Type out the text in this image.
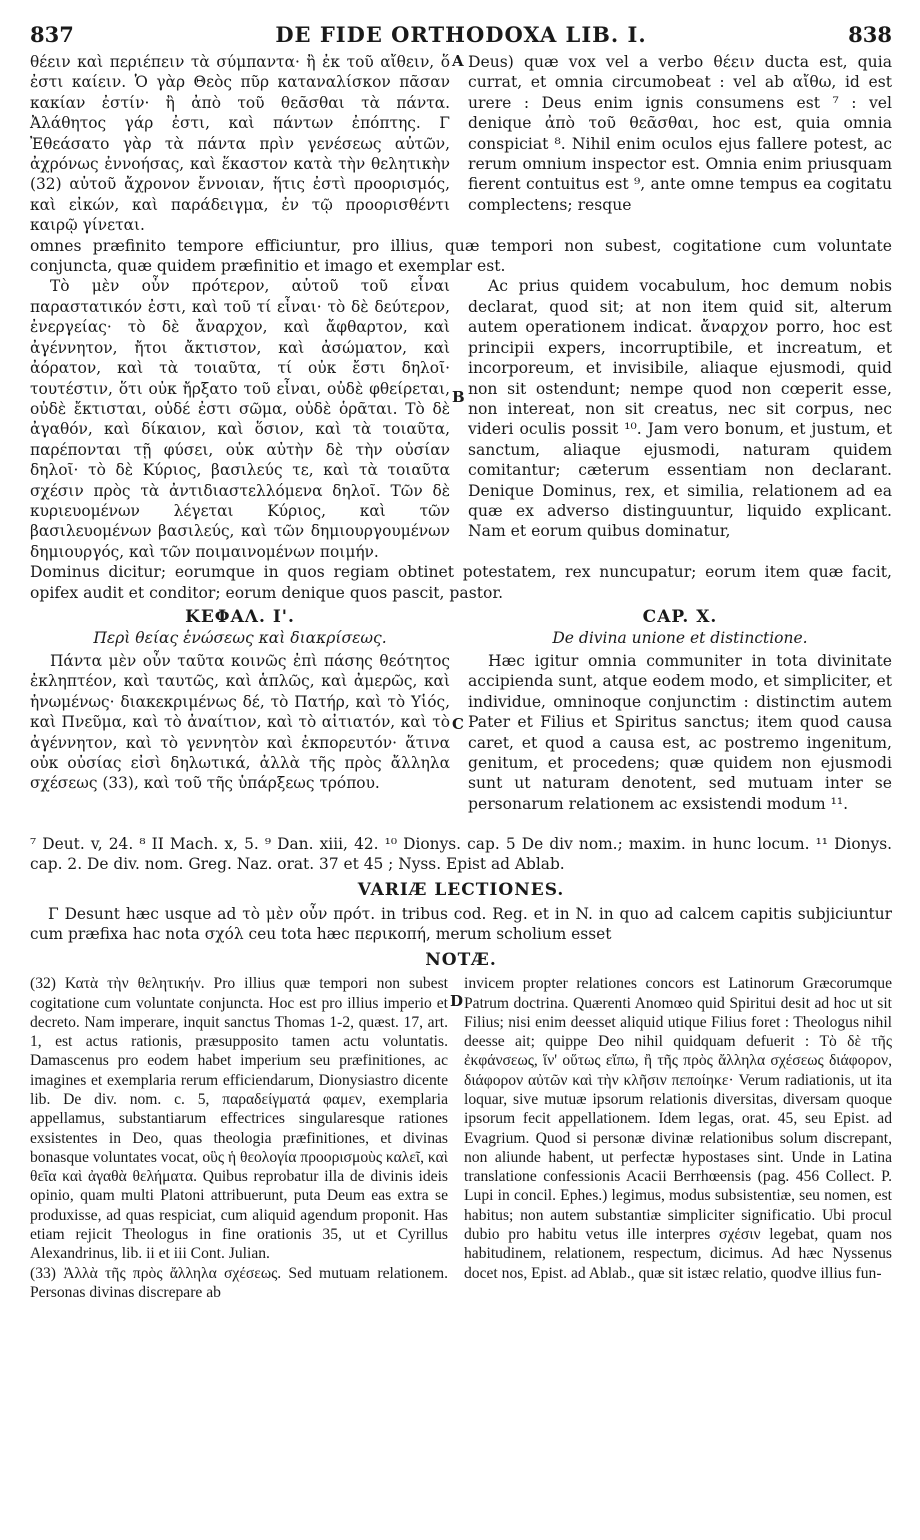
837	DE FIDE ORTHODOXA LIB. I.	838
θέειν καὶ περιέπειν τὰ σύμπαντα· ἢ ἐκ τοῦ αἴθειν, ὅ ἐστι καίειν. Ὁ γὰρ Θεὸς πῦρ καταναλίσκον πᾶσαν κακίαν ἐστίν· ἢ ἀπὸ τοῦ θεᾶσθαι τὰ πάντα. Ἀλάθητος γάρ ἐστι, καὶ πάντων ἐπόπτης. Γ Ἐθεάσατο γὰρ τὰ πάντα πρὶν γενέσεως αὐτῶν, ἀχρόνως ἐννοήσας, καὶ ἕκαστον κατὰ τὴν θελητικὴν (32) αὐτοῦ ἄχρονον ἔννοιαν, ἥτις ἐστὶ προορισμός, καὶ εἰκών, καὶ παράδειγμα, ἐν τῷ προορισθέντι καιρῷ γίνεται.
A Deus) quæ vox vel a verbo θέειν ducta est, quia currat, et omnia circumobeat : vel ab αἴθω, id est urere : Deus enim ignis consumens est ⁷ : vel denique ἀπὸ τοῦ θεᾶσθαι, hoc est, quia omnia conspiciat ⁸. Nihil enim oculos ejus fallere potest, ac rerum omnium inspector est. Omnia enim priusquam fierent contuitus est ⁹, ante omne tempus ea cogitatu complectens; resque
omnes præfinito tempore efficiuntur, pro illius, quæ tempori non subest, cogitatione cum voluntate conjuncta, quæ quidem præfinitio et imago et exemplar est.
Τὸ μὲν οὖν πρότερον, αὐτοῦ τοῦ εἶναι παραστατικόν ἐστι, καὶ τοῦ τί εἶναι· τὸ δὲ δεύτερον, ἐνεργείας· τὸ δὲ ἄναρχον, καὶ ἄφθαρτον, καὶ ἀγέννητον, ἤτοι ἄκτιστον, καὶ ἀσώματον, καὶ ἀόρατον, καὶ τὰ τοιαῦτα, τί οὐκ ἔστι δηλοῖ· τουτέστιν, ὅτι οὐκ ἤρξατο τοῦ εἶναι, οὐδὲ φθείρεται, οὐδὲ ἔκτισται, οὐδέ ἐστι σῶμα, οὐδὲ ὁρᾶται. Τὸ δὲ ἀγαθόν, καὶ δίκαιον, καὶ ὅσιον, καὶ τὰ τοιαῦτα, παρέπονται τῇ φύσει, οὐκ αὐτὴν δὲ τὴν οὐσίαν δηλοῖ· τὸ δὲ Κύριος, βασιλεύς τε, καὶ τὰ τοιαῦτα σχέσιν πρὸς τὰ ἀντιδιαστελλόμενα δηλοῖ. Τῶν δὲ κυριευομένων λέγεται Κύριος, καὶ τῶν βασιλευομένων βασιλεύς, καὶ τῶν δημιουργουμένων δημιουργός, καὶ τῶν ποιμαινομένων ποιμήν.
B
Ac prius quidem vocabulum, hoc demum nobis declarat, quod sit; at non item quid sit, alterum autem operationem indicat. ἄναρχον porro, hoc est principii expers, incorruptibile, et increatum, et incorporeum, et invisibile, aliaque ejusmodi, quid non sit ostendunt; nempe quod non cœperit esse, non intereat, non sit creatus, nec sit corpus, nec videri oculis possit ¹⁰. Jam vero bonum, et justum, et sanctum, aliaque ejusmodi, naturam quidem comitantur; cæterum essentiam non declarant. Denique Dominus, rex, et similia, relationem ad ea quæ ex adverso distinguuntur, liquido explicant. Nam et eorum quibus dominatur,
Dominus dicitur; eorumque in quos regiam obtinet potestatem, rex nuncupatur; eorum item quæ facit, opifex audit et conditor; eorum denique quos pascit, pastor.
ΚΕΦΑΛ. Ι'.
Περὶ θείας ἑνώσεως καὶ διακρίσεως.
Πάντα μὲν οὖν ταῦτα κοινῶς ἐπὶ πάσης θεότητος ἐκληπτέον, καὶ ταυτῶς, καὶ ἁπλῶς, καὶ ἀμερῶς, καὶ ἡνωμένως· διακεκριμένως δέ, τὸ Πατήρ, καὶ τὸ Υἱός, καὶ Πνεῦμα, καὶ τὸ ἀναίτιον, καὶ τὸ αἰτιατόν, καὶ τὸ ἀγέννητον, καὶ τὸ γεννητὸν καὶ ἐκπορευτόν· ἅτινα οὐκ οὐσίας εἰσὶ δηλωτικά, ἀλλὰ τῆς πρὸς ἄλληλα σχέσεως (33), καὶ τοῦ τῆς ὑπάρξεως τρόπου.
C
CAP. X.
De divina unione et distinctione.
Hæc igitur omnia communiter in tota divinitate accipienda sunt, atque eodem modo, et simpliciter, et individue, omninoque conjunctim : distinctim autem Pater et Filius et Spiritus sanctus; item quod causa caret, et quod a causa est, ac postremo ingenitum, genitum, et procedens; quæ quidem non ejusmodi sunt ut naturam denotent, sed mutuam inter se personarum relationem ac exsistendi modum ¹¹.
⁷ Deut. v, 24. ⁸ II Mach. x, 5. ⁹ Dan. xiii, 42. ¹⁰ Dionys. cap. 5 De div nom.; maxim. in hunc locum. ¹¹ Dionys. cap. 2. De div. nom. Greg. Naz. orat. 37 et 45 ; Nyss. Epist ad Ablab.
VARIÆ LECTIONES.
Γ Desunt hæc usque ad τὸ μὲν οὖν πρότ. in tribus cod. Reg. et in N. in quo ad calcem capitis subjiciuntur cum præfixa hac nota σχόλ ceu tota hæc περικοπή, merum scholium esset
NOTÆ.

(32) Κατὰ τὴν θελητικήν. Pro illius quæ tempori non subest cogitatione cum voluntate conjuncta. Hoc est pro illius imperio et decreto. Nam imperare, inquit sanctus Thomas 1-2, quæst. 17, art. 1, est actus rationis, præsupposito tamen actu voluntatis. Damascenus pro eodem habet imperium seu præfinitiones, ac imagines et exemplaria rerum efficiendarum, Dionysiastro dicente lib. De div. nom. c. 5, παραδείγματά φαμεν, exemplaria appellamus, substantiarum effectrices singularesque rationes exsistentes in Deo, quas theologia præfinitiones, et divinas bonasque voluntates vocat, οὓς ἡ θεολογία προορισμοὺς καλεῖ, καὶ θεῖα καὶ ἀγαθὰ θελήματα. Quibus reprobatur illa de divinis ideis opinio, quam multi Platoni attribuerunt, puta Deum eas extra se produxisse, ad quas respiciat, cum aliquid agendum proponit. Has etiam rejicit Theologus in fine orationis 35, ut et Cyrillus Alexandrinus, lib. ii et iii Cont. Julian.

(33) Ἀλλὰ τῆς πρὸς ἄλληλα σχέσεως. Sed mutuam relationem. Personas divinas discrepare ab

D
invicem propter relationes concors est Latinorum Græcorumque Patrum doctrina. Quærenti Anomœo quid Spiritui desit ad hoc ut sit Filius; nisi enim deesset aliquid utique Filius foret : Theologus nihil deesse ait; quippe Deo nihil quidquam defuerit : Τὸ δὲ τῆς ἐκφάνσεως, ἵν' οὕτως εἴπω, ἢ τῆς πρὸς ἄλληλα σχέσεως διάφορον, διάφορον αὐτῶν καὶ τὴν κλῆσιν πεποίηκε· Verum radiationis, ut ita loquar, sive mutuæ ipsorum relationis diversitas, diversam quoque ipsorum fecit appellationem. Idem legas, orat. 45, seu Epist. ad Evagrium. Quod si personæ divinæ relationibus solum discrepant, non aliunde habent, ut perfectæ hypostases sint. Unde in Latina translatione confessionis Acacii Berrhœensis (pag. 456 Collect. P. Lupi in concil. Ephes.) legimus, modus subsistentiæ, seu nomen, est habitus; non autem substantiæ simpliciter significatio. Ubi procul dubio pro habitu vetus ille interpres σχέσιν legebat, quam nos habitudinem, relationem, respectum, dicimus. Ad hæc Nyssenus docet nos, Epist. ad Ablab., quæ sit istæc relatio, quodve illius fun-
